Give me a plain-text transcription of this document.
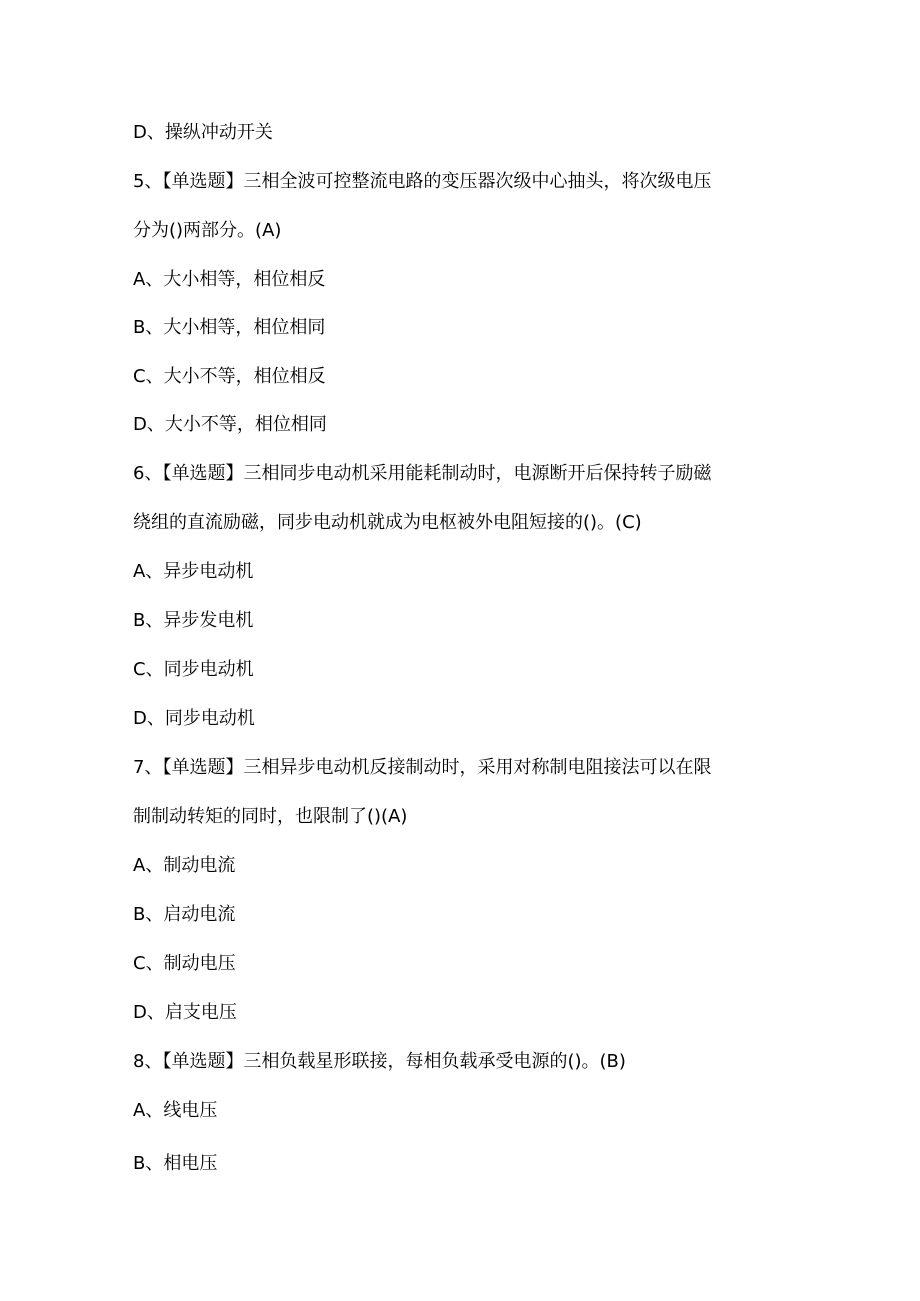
D、操纵冲动开关
5、【单选题】三相全波可控整流电路的变压器次级中心抽头，将次级电压
分为()两部分。(A)
A、大小相等，相位相反
B、大小相等，相位相同
C、大小不等，相位相反
D、大小不等，相位相同
6、【单选题】三相同步电动机采用能耗制动时，电源断开后保持转子励磁
绕组的直流励磁，同步电动机就成为电枢被外电阻短接的()。(C)
A、异步电动机
B、异步发电机
C、同步电动机
D、同步电动机
7、【单选题】三相异步电动机反接制动时，采用对称制电阻接法可以在限
制制动转矩的同时，也限制了()(A)
A、制动电流
B、启动电流
C、制动电压
D、启支电压
8、【单选题】三相负载星形联接，每相负载承受电源的()。(B)
A、线电压
B、相电压
